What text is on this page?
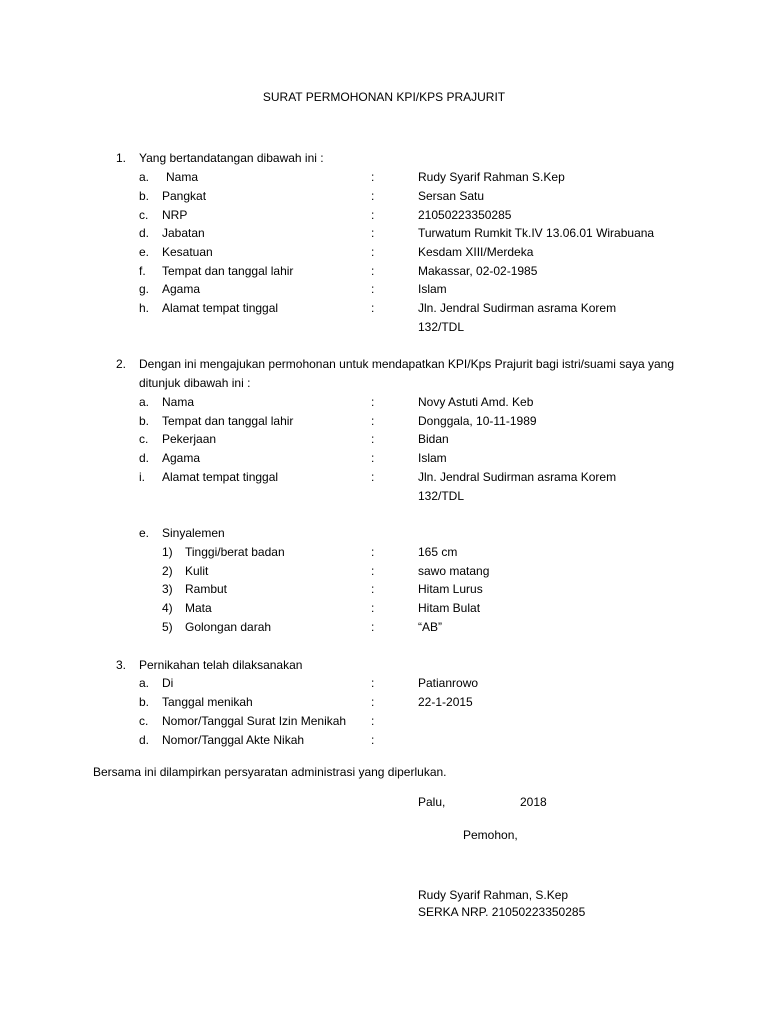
SURAT PERMOHONAN KPI/KPS PRAJURIT
1. Yang bertandatangan dibawah ini :
a. Nama	:	Rudy Syarif Rahman S.Kep
b. Pangkat	:	Sersan Satu
c. NRP	:	21050223350285
d. Jabatan	:	Turwatum Rumkit Tk.IV 13.06.01 Wirabuana
e. Kesatuan	:	Kesdam XIII/Merdeka
f. Tempat dan tanggal lahir	:	Makassar, 02-02-1985
g. Agama	:	Islam
h. Alamat tempat tinggal	:	Jln. Jendral Sudirman asrama Korem
132/TDL
2. Dengan ini mengajukan permohonan untuk mendapatkan KPI/Kps Prajurit bagi istri/suami saya yang ditunjuk dibawah ini :
a. Nama	:	Novy Astuti Amd. Keb
b. Tempat dan tanggal lahir	:	Donggala, 10-11-1989
c. Pekerjaan	:	Bidan
d. Agama	:	Islam
i. Alamat tempat tinggal	:	Jln. Jendral Sudirman asrama Korem
132/TDL
e. Sinyalemen
1) Tinggi/berat badan	:	165 cm
2) Kulit	:	sawo matang
3) Rambut	:	Hitam Lurus
4) Mata	:	Hitam Bulat
5) Golongan darah	:	“AB”
3. Pernikahan telah dilaksanakan
a. Di	:	Patianrowo
b. Tanggal menikah	:	22-1-2015
c. Nomor/Tanggal Surat Izin Menikah :
d. Nomor/Tanggal Akte Nikah	:
Bersama ini dilampirkan persyaratan administrasi yang diperlukan.
Palu,	2018
Pemohon,
Rudy Syarif Rahman, S.Kep
SERKA NRP. 21050223350285
